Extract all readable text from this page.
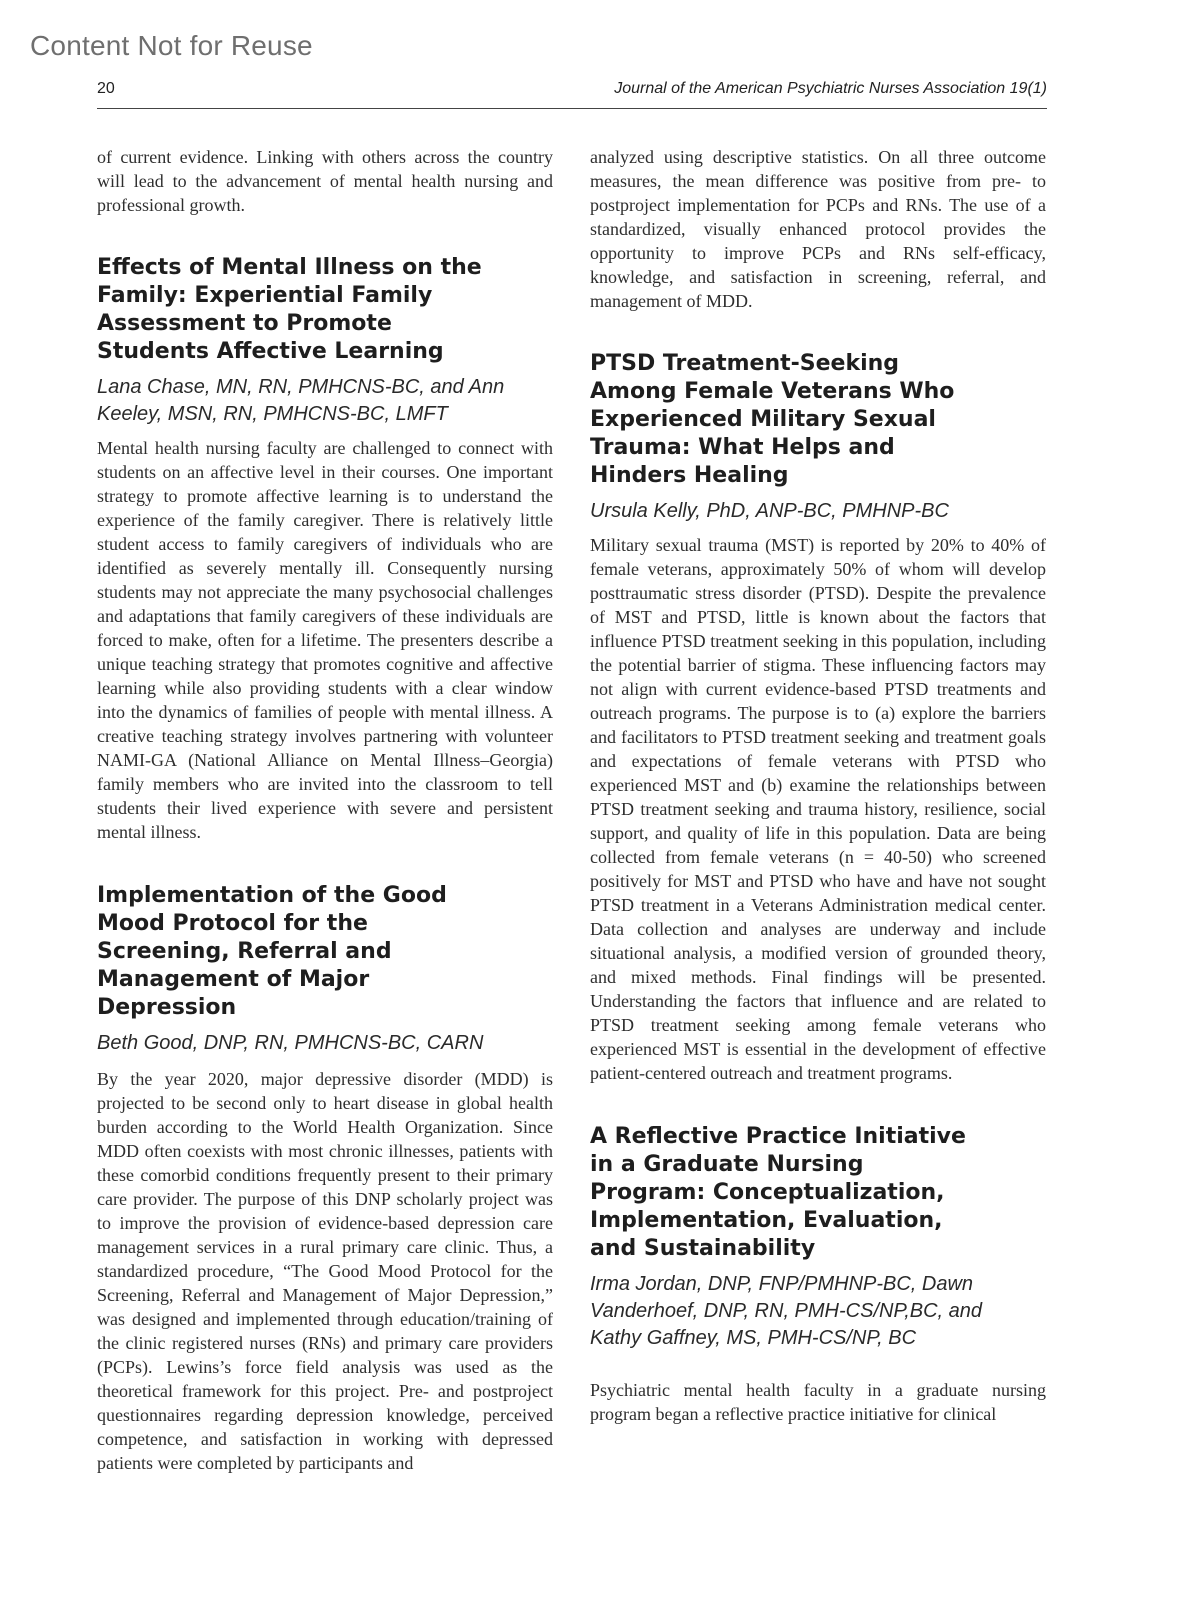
Content Not for Reuse
20	Journal of the American Psychiatric Nurses Association 19(1)

of current evidence. Linking with others across the country will lead to the advancement of mental health nursing and professional growth.

Effects of Mental Illness on the Family: Experiential Family Assessment to Promote Students Affective Learning

Lana Chase, MN, RN, PMHCNS-BC, and Ann Keeley, MSN, RN, PMHCNS-BC, LMFT

Mental health nursing faculty are challenged to connect with students on an affective level in their courses. One important strategy to promote affective learning is to understand the experience of the family caregiver. There is relatively little student access to family caregivers of individuals who are identified as severely mentally ill. Consequently nursing students may not appreciate the many psychosocial challenges and adaptations that family caregivers of these individuals are forced to make, often for a lifetime. The presenters describe a unique teaching strategy that promotes cognitive and affective learning while also providing students with a clear window into the dynamics of families of people with mental illness. A creative teaching strategy involves partnering with volunteer NAMI-GA (National Alliance on Mental Illness–Georgia) family members who are invited into the classroom to tell students their lived experience with severe and persistent mental illness.

Implementation of the Good Mood Protocol for the Screening, Referral and Management of Major Depression

Beth Good, DNP, RN, PMHCNS-BC, CARN

By the year 2020, major depressive disorder (MDD) is projected to be second only to heart disease in global health burden according to the World Health Organization. Since MDD often coexists with most chronic illnesses, patients with these comorbid conditions frequently present to their primary care provider. The purpose of this DNP scholarly project was to improve the provision of evidence-based depression care management services in a rural primary care clinic. Thus, a standardized procedure, “The Good Mood Protocol for the Screening, Referral and Management of Major Depression,” was designed and implemented through education/training of the clinic registered nurses (RNs) and primary care providers (PCPs). Lewins’s force field analysis was used as the theoretical framework for this project. Pre- and postproject questionnaires regarding depression knowledge, perceived competence, and satisfaction in working with depressed patients were completed by participants and

analyzed using descriptive statistics. On all three outcome measures, the mean difference was positive from pre- to postproject implementation for PCPs and RNs. The use of a standardized, visually enhanced protocol provides the opportunity to improve PCPs and RNs self-efficacy, knowledge, and satisfaction in screening, referral, and management of MDD.

PTSD Treatment-Seeking Among Female Veterans Who Experienced Military Sexual Trauma: What Helps and Hinders Healing

Ursula Kelly, PhD, ANP-BC, PMHNP-BC

Military sexual trauma (MST) is reported by 20% to 40% of female veterans, approximately 50% of whom will develop posttraumatic stress disorder (PTSD). Despite the prevalence of MST and PTSD, little is known about the factors that influence PTSD treatment seeking in this population, including the potential barrier of stigma. These influencing factors may not align with current evidence-based PTSD treatments and outreach programs. The purpose is to (a) explore the barriers and facilitators to PTSD treatment seeking and treatment goals and expectations of female veterans with PTSD who experienced MST and (b) examine the relationships between PTSD treatment seeking and trauma history, resilience, social support, and quality of life in this population. Data are being collected from female veterans (n = 40-50) who screened positively for MST and PTSD who have and have not sought PTSD treatment in a Veterans Administration medical center. Data collection and analyses are underway and include situational analysis, a modified version of grounded theory, and mixed methods. Final findings will be presented. Understanding the factors that influence and are related to PTSD treatment seeking among female veterans who experienced MST is essential in the development of effective patient-centered outreach and treatment programs.

A Reflective Practice Initiative in a Graduate Nursing Program: Conceptualization, Implementation, Evaluation, and Sustainability

Irma Jordan, DNP, FNP/PMHNP-BC, Dawn Vanderhoef, DNP, RN, PMH-CS/NP,BC, and Kathy Gaffney, MS, PMH-CS/NP, BC

Psychiatric mental health faculty in a graduate nursing program began a reflective practice initiative for clinical
